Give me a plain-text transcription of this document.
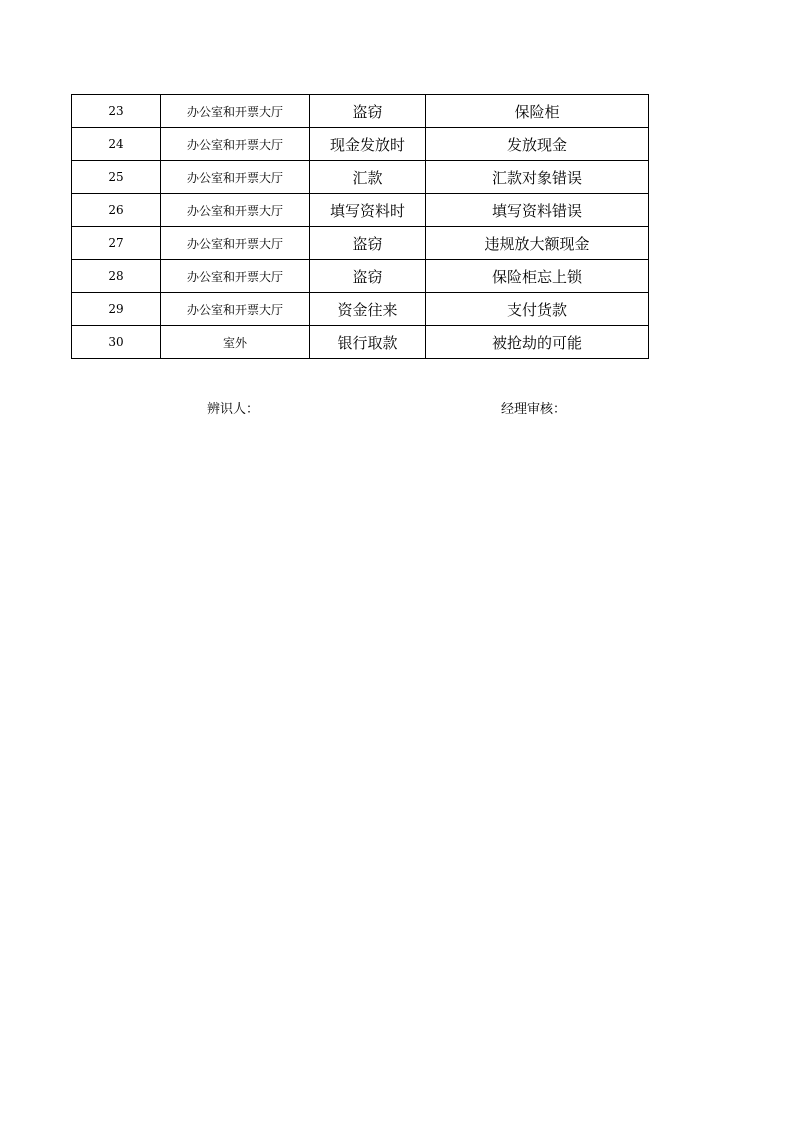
23	办公室和开票大厅	盗窃	保险柜
24	办公室和开票大厅	现金发放时	发放现金
25	办公室和开票大厅	汇款	汇款对象错误
26	办公室和开票大厅	填写资料时	填写资料错误
27	办公室和开票大厅	盗窃	违规放大额现金
28	办公室和开票大厅	盗窃	保险柜忘上锁
29	办公室和开票大厅	资金往来	支付货款
30	室外	银行取款	被抢劫的可能
辨识人：	经理审核：
